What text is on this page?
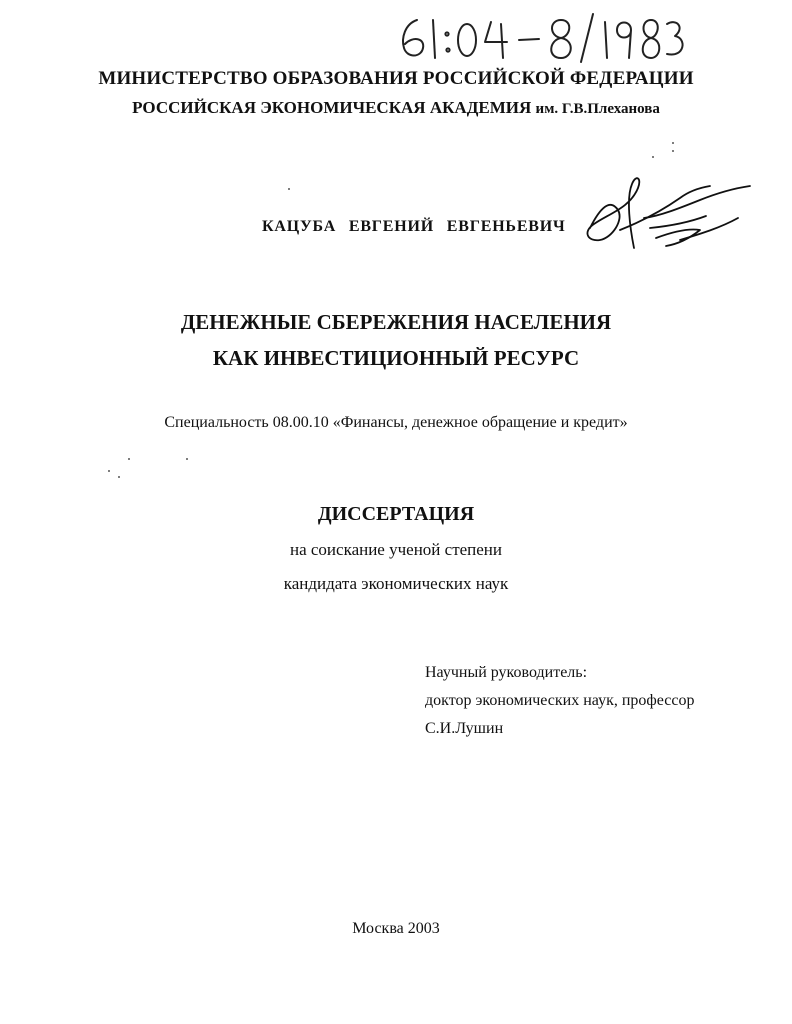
МИНИСТЕРСТВО ОБРАЗОВАНИЯ РОССИЙСКОЙ ФЕДЕРАЦИИ
РОССИЙСКАЯ ЭКОНОМИЧЕСКАЯ АКАДЕМИЯ им. Г.В.Плеханова
КАЦУБА ЕВГЕНИЙ ЕВГЕНЬЕВИЧ
ДЕНЕЖНЫЕ СБЕРЕЖЕНИЯ НАСЕЛЕНИЯ
КАК ИНВЕСТИЦИОННЫЙ РЕСУРС
Специальность 08.00.10 «Финансы, денежное обращение и кредит»
ДИССЕРТАЦИЯ
на соискание ученой степени
кандидата экономических наук
Научный руководитель:
доктор экономических наук, профессор
С.И.Лушин
Москва 2003
